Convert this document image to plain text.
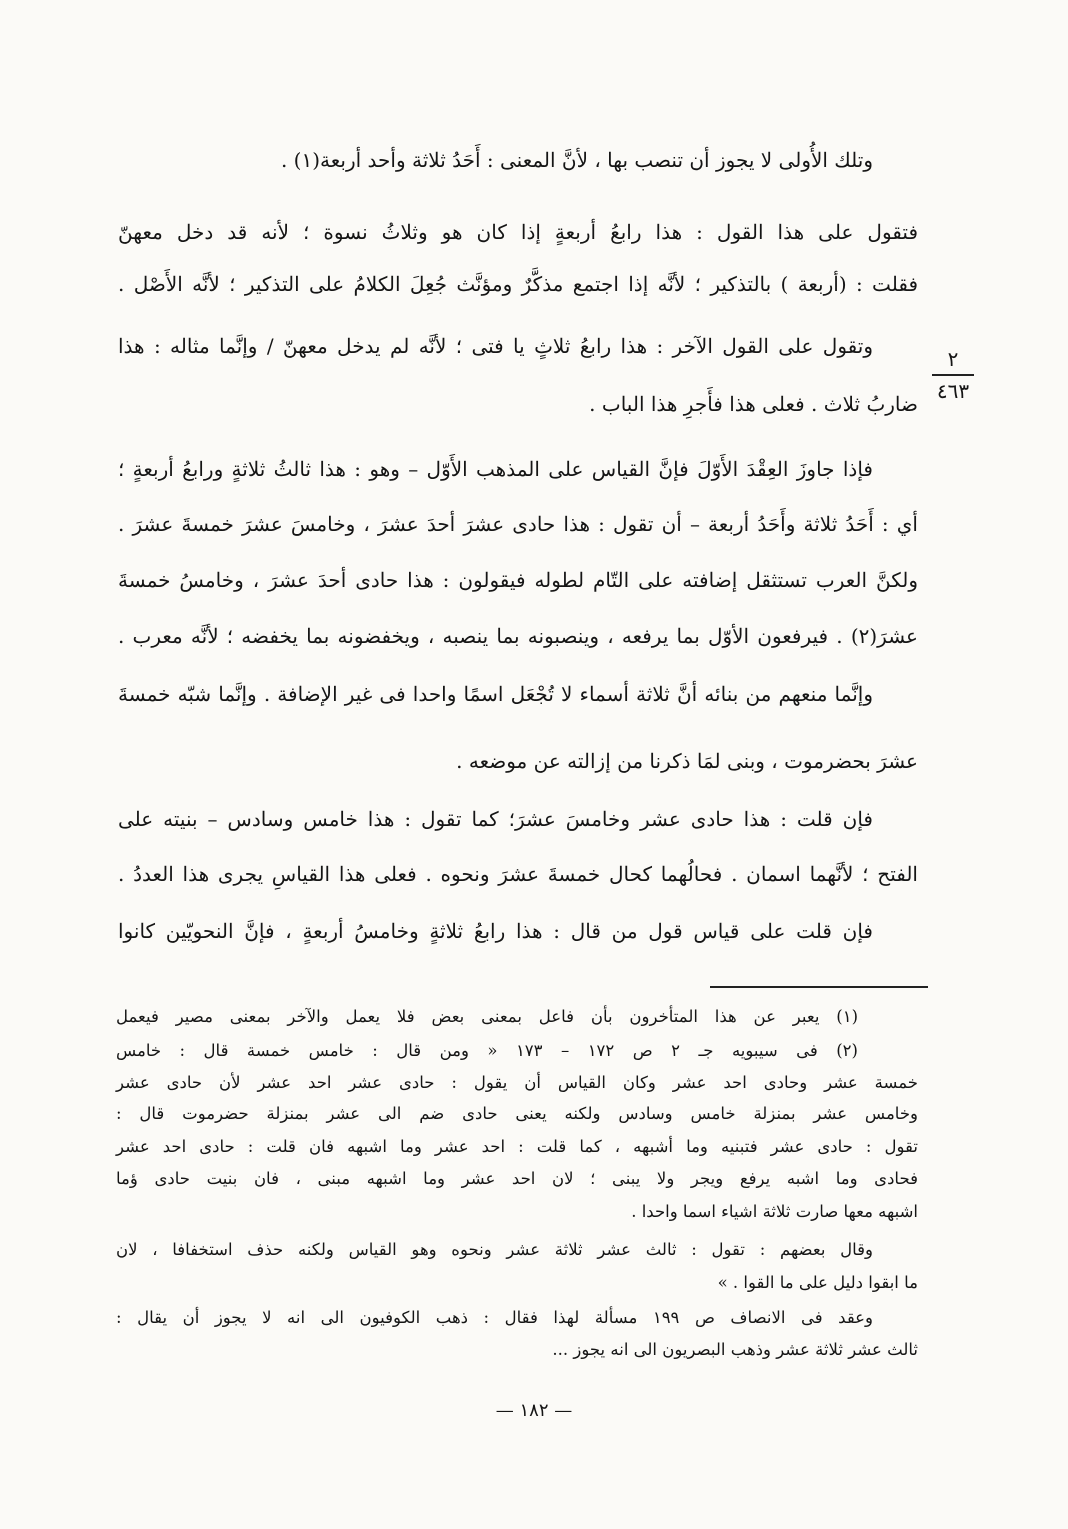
وتلك الأُولى لا يجوز أن تنصب بها ، لأنَّ المعنى : أَحَدُ ثلاثة وأحد أربعة(١) .
فتقول على هذا القول : هذا رابعُ أربعةٍ إذا كان هو وثلاثُ نسوة ؛ لأنه قد دخل معهنّ
فقلت : (أربعة ) بالتذكير ؛ لأنَّه إذا اجتمع مذكَّرٌ ومؤنَّث جُعِلَ الكلامُ على التذكير ؛ لأنَّه الأَصْل .
وتقول على القول الآخر : هذا رابعُ ثلاثٍ يا فتى ؛ لأنَّه لم يدخل معهنّ / وإنَّما مثاله : هذا
ضاربُ ثلاث . فعلى هذا فأَجرِ هذا الباب .
فإذا جاوزَ العِقْدَ الأَوّلَ فإنَّ القياس على المذهب الأَوّل – وهو : هذا ثالثُ ثلاثةٍ ورابعُ أربعةٍ ؛
أي : أَحَدُ ثلاثة وأَحَدُ أربعة – أن تقول : هذا حادى عشرَ أحدَ عشرَ ، وخامسَ عشرَ خمسةَ عشرَ .
ولكنَّ العرب تستثقل إضافته على التّام لطوله فيقولون : هذا حادى أحدَ عشرَ ، وخامسُ خمسةَ
عشرَ(٢) . فيرفعون الأوّل بما يرفعه ، وينصبونه بما ينصبه ، ويخفضونه بما يخفضه ؛ لأنَّه معرب .
وإنَّما منعهم من بنائه أنَّ ثلاثة أسماء لا تُجْعَل اسمًا واحدا فى غير الإضافة . وإنَّما شبّه خمسةَ
عشرَ بحضرموت ، وبنى لمَا ذكرنا من إزالته عن موضعه .
فإن قلت : هذا حادى عشر وخامسَ عشرَ؛ كما تقول : هذا خامس وسادس – بنيته على
الفتح ؛ لأنَّهما اسمان . فحالُهما كحال خمسةَ عشرَ ونحوه . فعلى هذا القياسِ يجرى هذا العددُ .
فإن قلت على قياس قول من قال : هذا رابعُ ثلاثةٍ وخامسُ أربعةٍ ، فإنَّ النحويّين كانوا
٢
٤٦٣
(١) يعبر عن هذا المتأخرون بأن فاعل بمعنى بعض فلا يعمل والآخر بمعنى مصير فيعمل
(٢) فى سيبويه جـ ٢ ص ١٧٢ – ١٧٣ « ومن قال : خامس خمسة قال : خامس
خمسة عشر وحادى احد عشر وكان القياس أن يقول : حادى عشر احد عشر لأن حادى عشر
وخامس عشر بمنزلة خامس وسادس ولكنه يعنى حادى ضم الى عشر بمنزلة حضرموت قال :
تقول : حادى عشر فتبنيه وما أشبهه ، كما قلت : احد عشر وما اشبهه فان قلت : حادى احد عشر
فحادى وما اشبه يرفع ويجر ولا يبنى ؛ لان احد عشر وما اشبهه مبنى ، فان بنيت حادى ؤما
اشبهه معها صارت ثلاثة اشياء اسما واحدا .
وقال بعضهم : تقول : ثالث عشر ثلاثة عشر ونحوه وهو القياس ولكنه حذف استخفافا ، لان
ما ابقوا دليل على ما القوا . »
وعقد فى الانصاف ص ١٩٩ مسألة لهذا فقال : ذهب الكوفيون الى انه لا يجوز أن يقال :
ثالث عشر ثلاثة عشر وذهب البصريون الى انه يجوز ...
— ١٨٢ —
